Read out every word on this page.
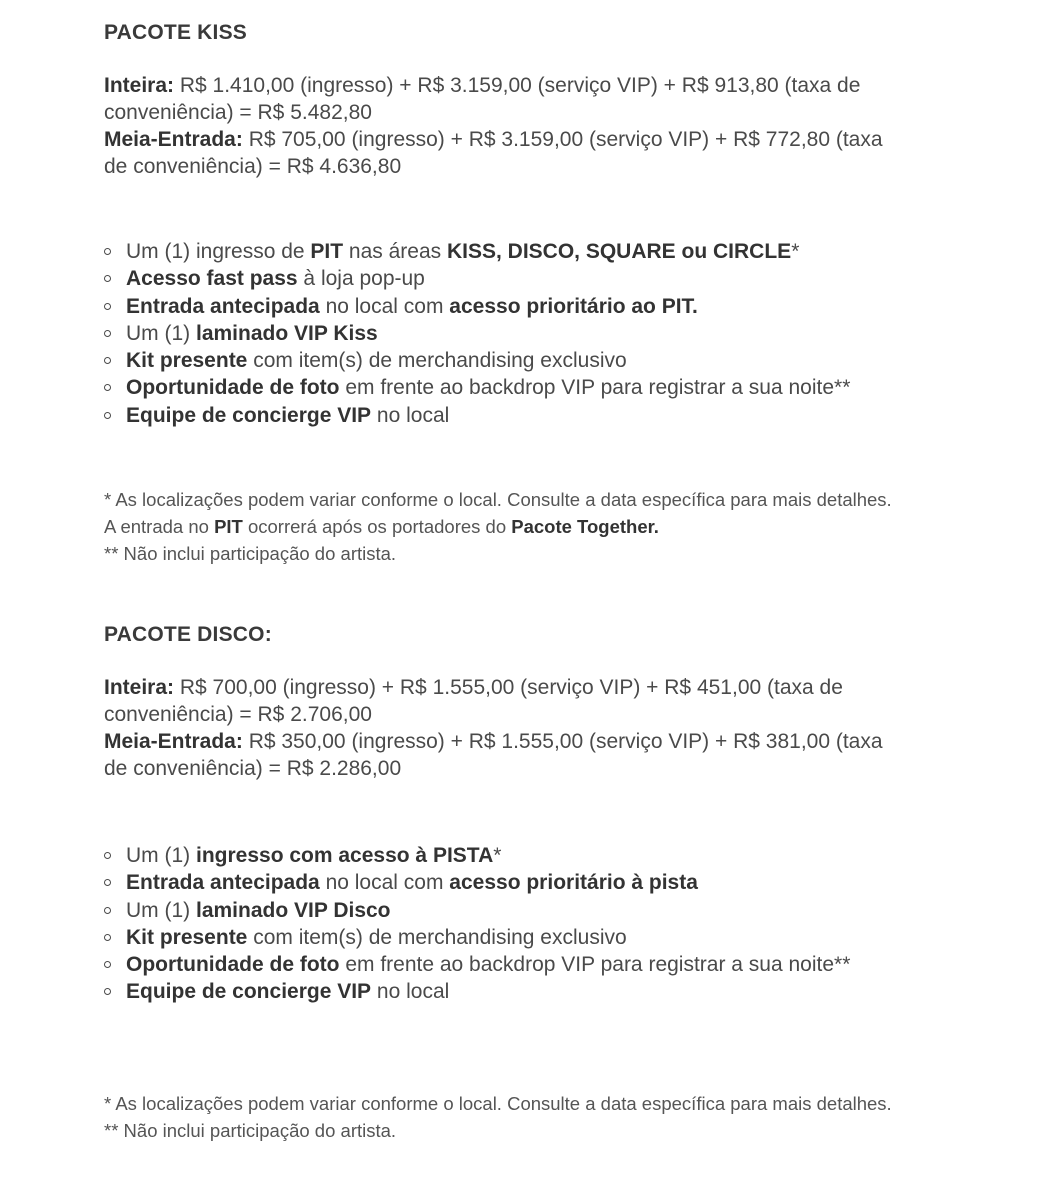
PACOTE KISS

Inteira: R$ 1.410,00 (ingresso) + R$ 3.159,00 (serviço VIP) + R$ 913,80 (taxa de conveniência) = R$ 5.482,80

Meia-Entrada: R$ 705,00 (ingresso) + R$ 3.159,00 (serviço VIP) + R$ 772,80 (taxa de conveniência) = R$ 4.636,80

Um (1) ingresso de PIT nas áreas KISS, DISCO, SQUARE ou CIRCLE*
Acesso fast pass à loja pop-up
Entrada antecipada no local com acesso prioritário ao PIT.
Um (1) laminado VIP Kiss
Kit presente com item(s) de merchandising exclusivo
Oportunidade de foto em frente ao backdrop VIP para registrar a sua noite**
Equipe de concierge VIP no local

* As localizações podem variar conforme o local. Consulte a data específica para mais detalhes.

A entrada no PIT ocorrerá após os portadores do Pacote Together.

** Não inclui participação do artista.

PACOTE DISCO:

Inteira: R$ 700,00 (ingresso) + R$ 1.555,00 (serviço VIP) + R$ 451,00 (taxa de conveniência) = R$ 2.706,00

Meia-Entrada: R$ 350,00 (ingresso) + R$ 1.555,00 (serviço VIP) + R$ 381,00 (taxa de conveniência) = R$ 2.286,00

Um (1) ingresso com acesso à PISTA*
Entrada antecipada no local com acesso prioritário à pista
Um (1) laminado VIP Disco
Kit presente com item(s) de merchandising exclusivo
Oportunidade de foto em frente ao backdrop VIP para registrar a sua noite**
Equipe de concierge VIP no local

* As localizações podem variar conforme o local. Consulte a data específica para mais detalhes.

** Não inclui participação do artista.
